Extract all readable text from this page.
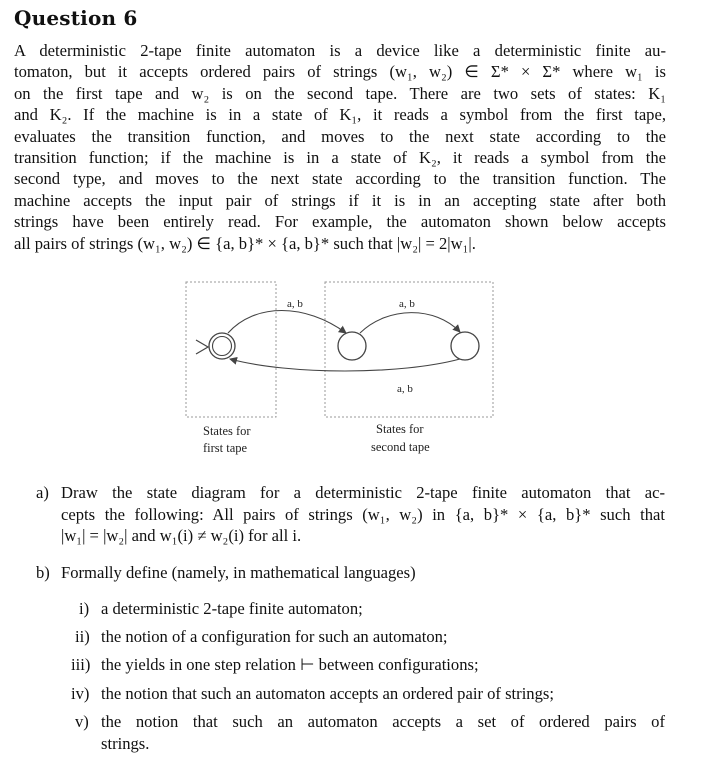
Question 6
A deterministic 2-tape finite automaton is a device like a deterministic finite au-
tomaton, but it accepts ordered pairs of strings (w₁, w₂) ∈ Σ* × Σ* where w₁ is
on the first tape and w₂ is on the second tape. There are two sets of states: K₁
and K₂. If the machine is in a state of K₁, it reads a symbol from the first tape,
evaluates the transition function, and moves to the next state according to the
transition function; if the machine is in a state of K₂, it reads a symbol from the
second type, and moves to the next state according to the transition function. The
machine accepts the input pair of strings if it is in an accepting state after both
strings have been entirely read. For example, the automaton shown below accepts
all pairs of strings (w₁, w₂) ∈ {a, b}* × {a, b}* such that |w₂| = 2|w₁|.
a, b	a, b
a, b
States for
first tape
States for
second tape
a) Draw the state diagram for a deterministic 2-tape finite automaton that ac-
cepts the following: All pairs of strings (w₁, w₂) in {a, b}* × {a, b}* such that
|w₁| = |w₂| and w₁(i) ≠ w₂(i) for all i.
b) Formally define (namely, in mathematical languages)
i) a deterministic 2-tape finite automaton;
ii) the notion of a configuration for such an automaton;
iii) the yields in one step relation ⊢ between configurations;
iv) the notion that such an automaton accepts an ordered pair of strings;
v) the notion that such an automaton accepts a set of ordered pairs of
strings.
